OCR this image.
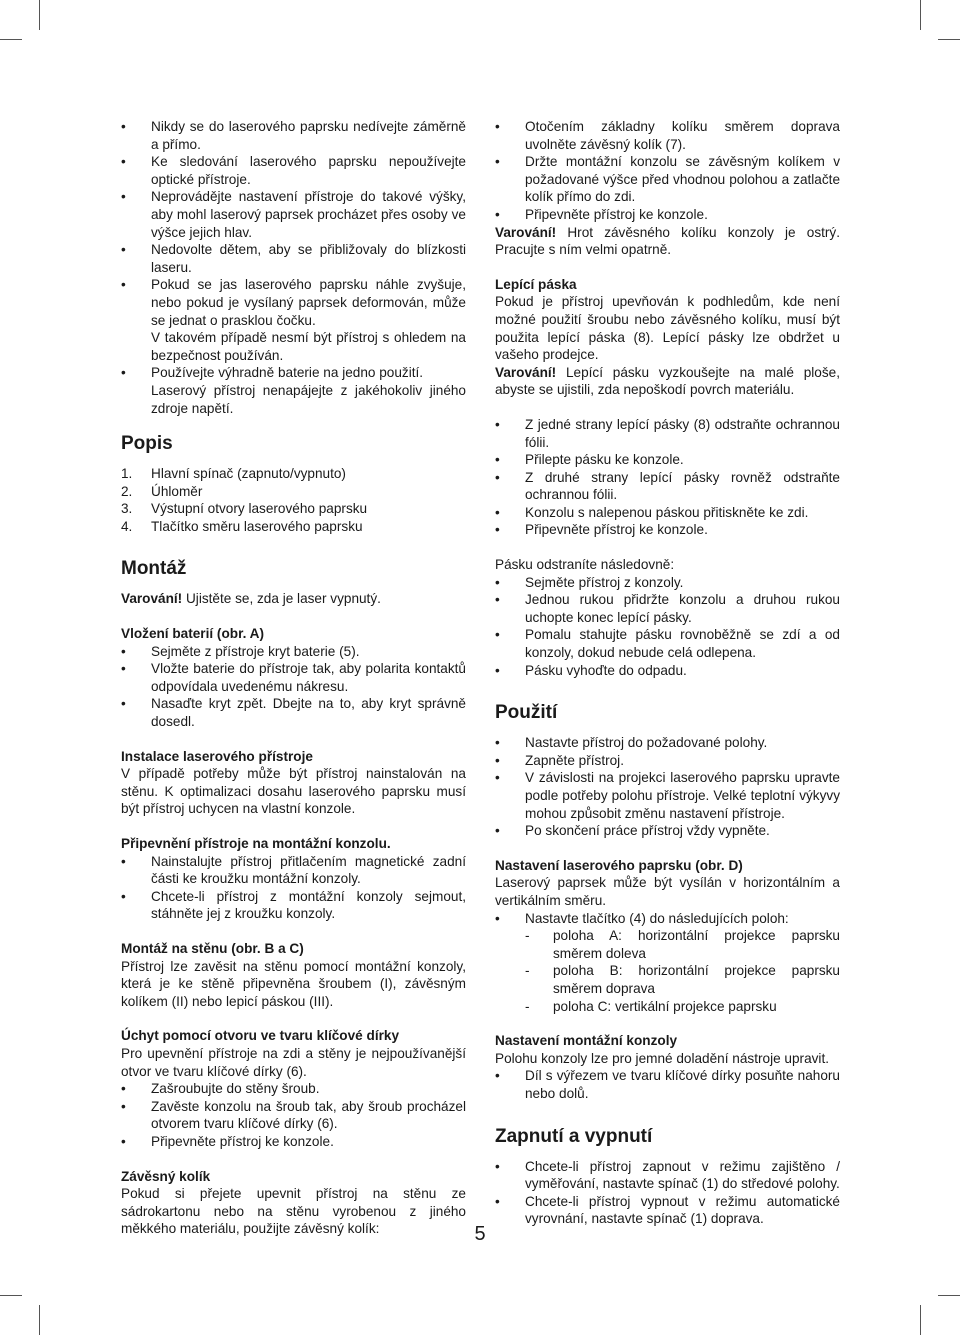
• Nikdy se do laserového paprsku nedívejte záměrně a přímo.
• Ke sledování laserového paprsku nepoužívejte optické přístroje.
• Neprovádějte nastavení přístroje do takové výšky, aby mohl laserový paprsek procházet přes osoby ve výšce jejich hlav.
• Nedovolte dětem, aby se přibližovaly do blízkosti laseru.
• Pokud se jas laserového paprsku náhle zvyšuje, nebo pokud je vysílaný paprsek deformován, může se jednat o prasklou čočku.
V takovém případě nesmí být přístroj s ohledem na bezpečnost používán.
• Používejte výhradně baterie na jedno použití.
Laserový přístroj nenapájejte z jakéhokoliv jiného zdroje napětí.
Popis
1. Hlavní spínač (zapnuto/vypnuto)
2. Úhloměr
3. Výstupní otvory laserového paprsku
4. Tlačítko směru laserového paprsku
Montáž

Varování! Ujistěte se, zda je laser vypnutý.

Vložení baterií (obr. A)
• Sejměte z přístroje kryt baterie (5).
• Vložte baterie do přístroje tak, aby polarita kontaktů odpovídala uvedenému nákresu.
• Nasaďte kryt zpět. Dbejte na to, aby kryt správně dosedl.
Instalace laserového přístroje

V případě potřeby může být přístroj nainstalován na stěnu. K optimalizaci dosahu laserového paprsku musí být přístroj uchycen na vlastní konzole.

Připevnění přístroje na montážní konzolu.
• Nainstalujte přístroj přitlačením magnetické zadní části ke kroužku montážní konzoly.
• Chcete-li přístroj z montážní konzoly sejmout, stáhněte jej z kroužku konzoly.
Montáž na stěnu (obr. B a C)

Přístroj lze zavěsit na stěnu pomocí montážní konzoly, která je ke stěně připevněna šroubem (I), závěsným kolíkem (II) nebo lepicí páskou (III).

Úchyt pomocí otvoru ve tvaru klíčové dírky

Pro upevnění přístroje na zdi a stěny je nejpoužívanější otvor ve tvaru klíčové dírky (6).

• Zašroubujte do stěny šroub.
• Zavěste konzolu na šroub tak, aby šroub procházel otvorem tvaru klíčové dírky (6).
• Připevněte přístroj ke konzole.
Závěsný kolík

Pokud si přejete upevnit přístroj na stěnu ze sádrokartonu nebo na stěnu vyrobenou z jiného měkkého materiálu, použijte závěsný kolík:

• Otočením základny kolíku směrem doprava uvolněte závěsný kolík (7).
• Držte montážní konzolu se závěsným kolíkem v požadované výšce před vhodnou polohou a zatlačte kolík přímo do zdi.
• Připevněte přístroj ke konzole.

Varování! Hrot závěsného kolíku konzoly je ostrý. Pracujte s ním velmi opatrně.

Lepící páska

Pokud je přístroj upevňován k podhledům, kde není možné použití šroubu nebo závěsného kolíku, musí být použita lepící páska (8). Lepící pásky lze obdržet u vašeho prodejce.

Varování! Lepící pásku vyzkoušejte na malé ploše, abyste se ujistili, zda nepoškodí povrch materiálu.

• Z jedné strany lepící pásky (8) odstraňte ochrannou fólii.
• Přilepte pásku ke konzole.
• Z druhé strany lepící pásky rovněž odstraňte ochrannou fólii.
• Konzolu s nalepenou páskou přitiskněte ke zdi.
• Připevněte přístroj ke konzole.

Pásku odstraníte následovně:

• Sejměte přístroj z konzoly.
• Jednou rukou přidržte konzolu a druhou rukou uchopte konec lepící pásky.
• Pomalu stahujte pásku rovnoběžně se zdí a od konzoly, dokud nebude celá odlepena.
• Pásku vyhoďte do odpadu.
Použití
• Nastavte přístroj do požadované polohy.
• Zapněte přístroj.
• V závislosti na projekci laserového paprsku upravte podle potřeby polohu přístroje. Velké teplotní výkyvy mohou způsobit změnu nastavení přístroje.
• Po skončení práce přístroj vždy vypněte.
Nastavení laserového paprsku (obr. D)

Laserový paprsek může být vysílán v horizontálním a vertikálním směru.

• Nastavte tlačítko (4) do následujících poloh:
- poloha A: horizontální projekce paprsku směrem doleva
- poloha B: horizontální projekce paprsku směrem doprava
- poloha C: vertikální projekce paprsku
Nastavení montážní konzoly

Polohu konzoly lze pro jemné doladění nástroje upravit.

• Díl s výřezem ve tvaru klíčové dírky posuňte nahoru nebo dolů.
Zapnutí a vypnutí
• Chcete-li přístroj zapnout v režimu zajištěno / vyměřování, nastavte spínač (1) do středové polohy.
• Chcete-li přístroj vypnout v režimu automatické vyrovnání, nastavte spínač (1) doprava.
5
